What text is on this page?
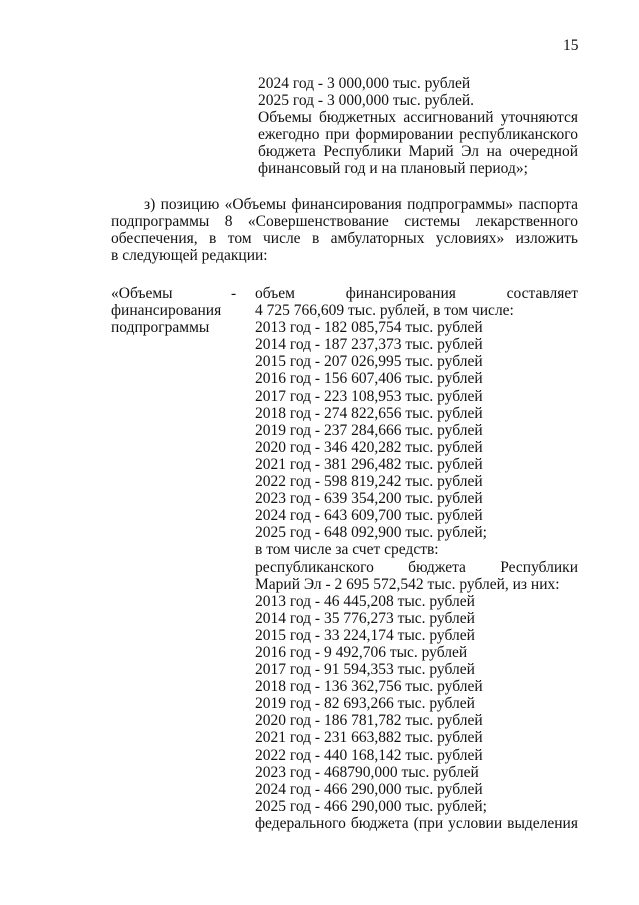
15
2024 год - 3 000,000 тыс. рублей
2025 год - 3 000,000 тыс. рублей.
Объемы бюджетных ассигнований уточняются
ежегодно при формировании республиканского
бюджета Республики Марий Эл на очередной
финансовый год и на плановый период»;
з) позицию «Объемы финансирования подпрограммы» паспорта
подпрограммы 8 «Совершенствование системы лекарственного
обеспечения, в том числе в амбулаторных условиях» изложить
в следующей редакции:
«Объемы
финансирования
подпрограммы
- объем финансирования составляет
4 725 766,609 тыс. рублей, в том числе:
2013 год - 182 085,754 тыс. рублей
2014 год - 187 237,373 тыс. рублей
2015 год - 207 026,995 тыс. рублей
2016 год - 156 607,406 тыс. рублей
2017 год - 223 108,953 тыс. рублей
2018 год - 274 822,656 тыс. рублей
2019 год - 237 284,666 тыс. рублей
2020 год - 346 420,282 тыс. рублей
2021 год - 381 296,482 тыс. рублей
2022 год - 598 819,242 тыс. рублей
2023 год - 639 354,200 тыс. рублей
2024 год - 643 609,700 тыс. рублей
2025 год - 648 092,900 тыс. рублей;
в том числе за счет средств:
республиканского бюджета Республики
Марий Эл - 2 695 572,542 тыс. рублей, из них:
2013 год - 46 445,208 тыс. рублей
2014 год - 35 776,273 тыс. рублей
2015 год - 33 224,174 тыс. рублей
2016 год - 9 492,706 тыс. рублей
2017 год - 91 594,353 тыс. рублей
2018 год - 136 362,756 тыс. рублей
2019 год - 82 693,266 тыс. рублей
2020 год - 186 781,782 тыс. рублей
2021 год - 231 663,882 тыс. рублей
2022 год - 440 168,142 тыс. рублей
2023 год - 468790,000 тыс. рублей
2024 год - 466 290,000 тыс. рублей
2025 год - 466 290,000 тыс. рублей;
федерального бюджета (при условии выделения
